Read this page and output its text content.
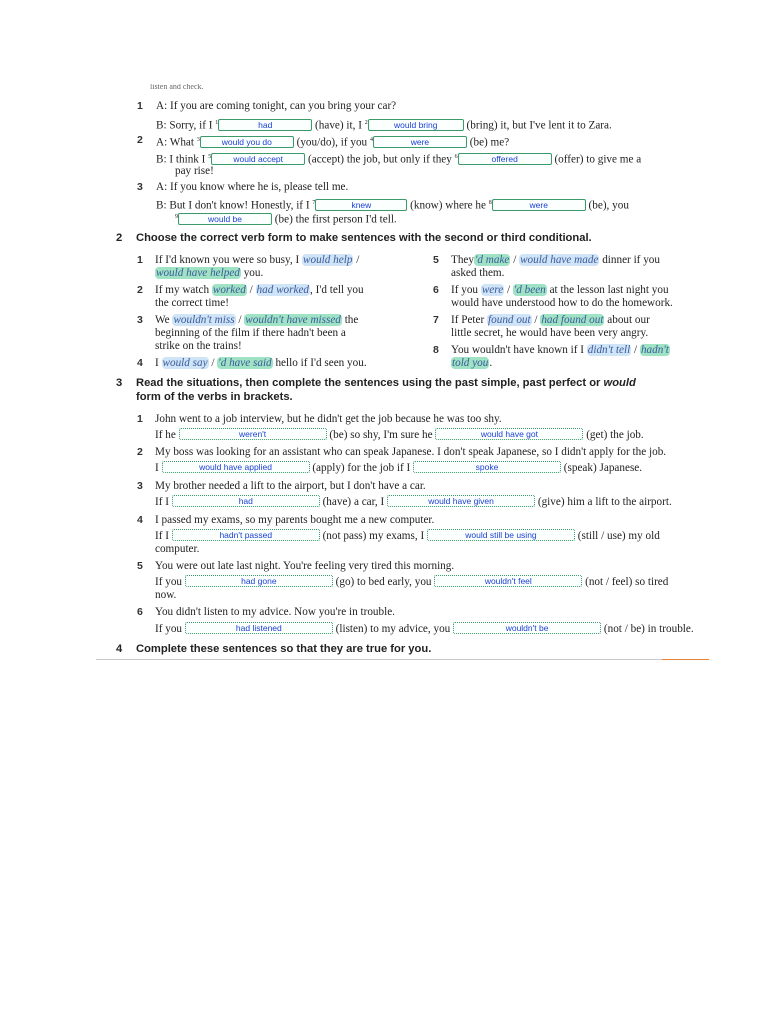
listen and check.
1 A: If you are coming tonight, can you bring your car?
B: Sorry, if I $^1$	had	(have) it, I $^2$	would bring (bring) it, but I've lent it to Zara.
2 A: What $^3$	would you do (you/do), if you $^4$	were	(be) me?
B: I think I $^5$	would accept (accept) the job, but only if they $^6$	offered	(offer) to give me a
pay rise!
3 A: If you know where he is, please tell me.
B: But I don't know! Honestly, if I $^7$	knew	(know) where he $^8$	were	(be), you
$^9$	would be	(be) the first person I'd tell.
2 Choose the correct verb form to make sentences with the second or third conditional.
1 If I'd known you were so busy, I would help /
would have helped you.
2 If my watch worked / had worked, I'd tell you
the correct time!
3 We wouldn't miss / wouldn't have missed the
beginning of the film if there hadn't been a
strike on the trains!
4 I would say / 'd have said hello if I'd seen you.
5 They'd make / would have made dinner if you
asked them.
6 If you were / 'd been at the lesson last night you
would have understood how to do the homework.
7 If Peter found out / had found out about our
little secret, he would have been very angry.
8 You wouldn't have known if I didn't tell / hadn't
told you.
3 Read the situations, then complete the sentences using the past simple, past perfect or would
form of the verbs in brackets.
1 John went to a job interview, but he didn't get the job because he was too shy.
If he	weren't	(be) so shy, I'm sure he	would have got	(get) the job.
2 My boss was looking for an assistant who can speak Japanese. I don't speak Japanese, so I didn't apply for the job.
I	would have applied	(apply) for the job if I	spoke	(speak) Japanese.
3 My brother needed a lift to the airport, but I don't have a car.
If I	had	(have) a car, I	would have given	(give) him a lift to the airport.
4 I passed my exams, so my parents bought me a new computer.
If I	hadn't passed	(not pass) my exams, I	would still be using	(still / use) my old
computer.
5 You were out late last night. You're feeling very tired this morning.
If you	had gone	(go) to bed early, you	wouldn't feel	(not / feel) so tired
now.
6 You didn't listen to my advice. Now you're in trouble.
If you	had listened	(listen) to my advice, you	wouldn't be	(not / be) in trouble.
4 Complete these sentences so that they are true for you.
